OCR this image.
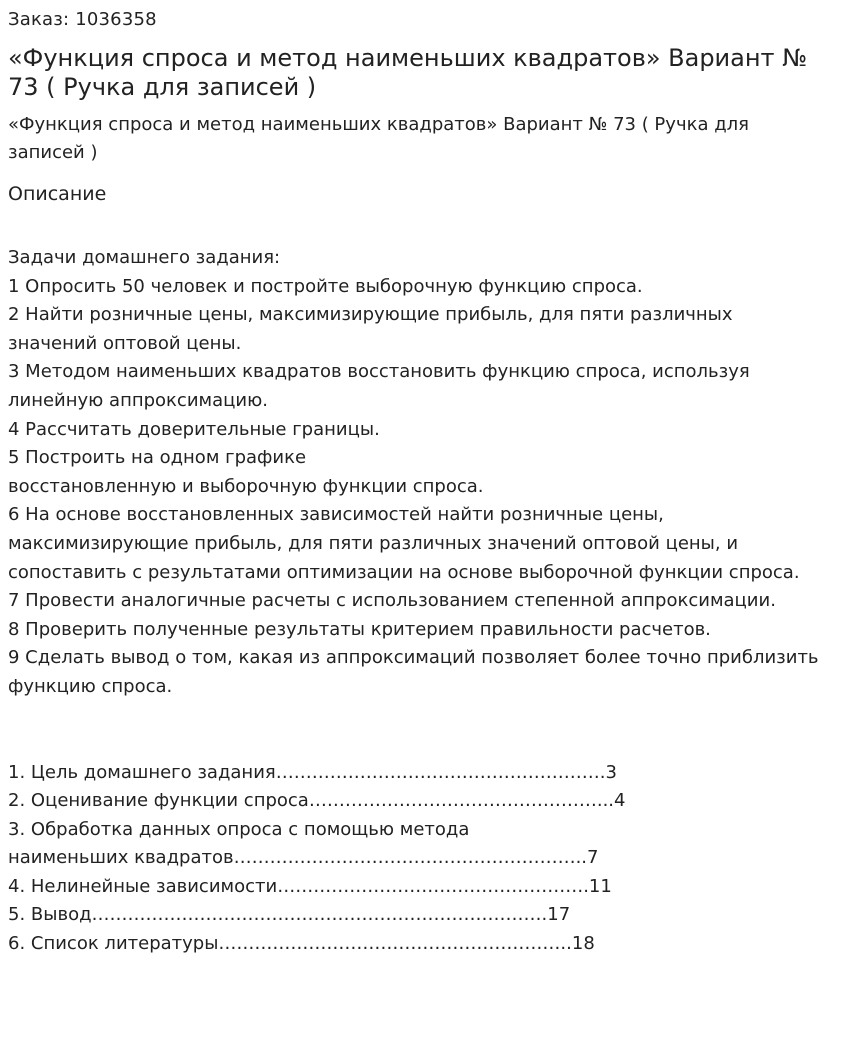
Заказ: 1036358

«Функция спроса и метод наименьших квадратов» Вариант № 73 ( Ручка для записей )

«Функция спроса и метод наименьших квадратов» Вариант № 73 ( Ручка для записей )

Описание

Задачи домашнего задания:
1 Опросить 50 человек и постройте выборочную функцию спроса.
2 Найти розничные цены, максимизирующие прибыль, для пяти различных значений оптовой цены.
3 Методом наименьших квадратов восстановить функцию спроса, используя линейную аппроксимацию.
4 Рассчитать доверительные границы.
5 Построить на одном графике
восстановленную и выборочную функции спроса.
6 На основе восстановленных зависимостей найти розничные цены, максимизирующие прибыль, для пяти различных значений оптовой цены, и сопоставить с результатами оптимизации на основе выборочной функции спроса.
7 Провести аналогичные расчеты с использованием степенной аппроксимации.
8 Проверить полученные результаты критерием правильности расчетов.
9 Сделать вывод о том, какая из аппроксимаций позволяет более точно приблизить функцию спроса.
1. Цель домашнего задания……………………………………………….3
2. Оценивание функции спроса…………………………………………...4
3. Обработка данных опроса с помощью метода
наименьших квадратов…………………………………………………..7
4. Нелинейные зависимости…………………………………………….11
5. Вывод………………………………………………………………….17
6. Список литературы…………………………………………………..18
